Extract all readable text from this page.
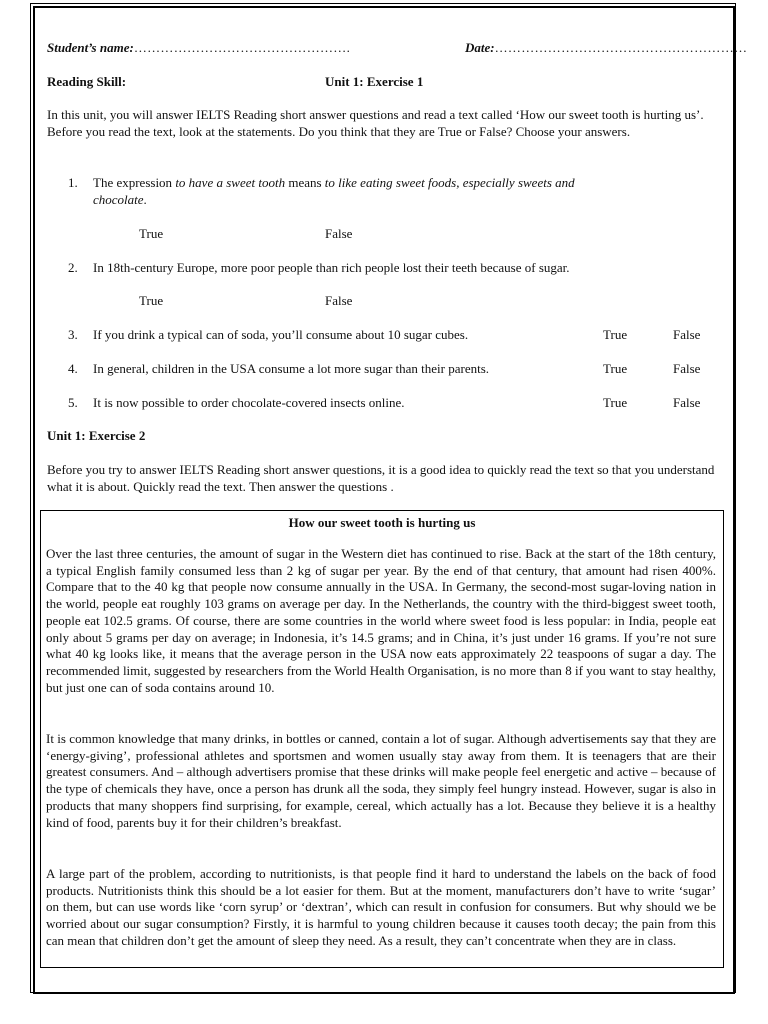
Student’s name:………………………………………….	Date:…………………………………………………
Reading Skill:	Unit 1: Exercise 1
In this unit, you will answer IELTS Reading short answer questions and read a text called ‘How our sweet tooth is hurting us’. Before you read the text, look at the statements. Do you think that they are True or False? Choose your answers.
1. The expression to have a sweet tooth means to like eating sweet foods, especially sweets and
chocolate.
True	False
2. In 18th-century Europe, more poor people than rich people lost their teeth because of sugar.
True	False
3. If you drink a typical can of soda, you’ll consume about 10 sugar cubes.	True	False
4. In general, children in the USA consume a lot more sugar than their parents.	True	False
5. It is now possible to order chocolate-covered insects online.	True	False
Unit 1: Exercise 2
Before you try to answer IELTS Reading short answer questions, it is a good idea to quickly read the text so that you understand what it is about. Quickly read the text. Then answer the questions .
How our sweet tooth is hurting us
Over the last three centuries, the amount of sugar in the Western diet has continued to rise. Back at the start of the 18th century, a typical English family consumed less than 2 kg of sugar per year. By the end of that century, that amount had risen 400%. Compare that to the 40 kg that people now consume annually in the USA. In Germany, the second-most sugar-loving nation in the world, people eat roughly 103 grams on average per day. In the Netherlands, the country with the third-biggest sweet tooth, people eat 102.5 grams. Of course, there are some countries in the world where sweet food is less popular: in India, people eat only about 5 grams per day on average; in Indonesia, it’s 14.5 grams; and in China, it’s just under 16 grams. If you’re not sure what 40 kg looks like, it means that the average person in the USA now eats approximately 22 teaspoons of sugar a day. The recommended limit, suggested by researchers from the World Health Organisation, is no more than 8 if you want to stay healthy, but just one can of soda contains around 10.
It is common knowledge that many drinks, in bottles or canned, contain a lot of sugar. Although advertisements say that they are ‘energy-giving’, professional athletes and sportsmen and women usually stay away from them. It is teenagers that are their greatest consumers. And – although advertisers promise that these drinks will make people feel energetic and active – because of the type of chemicals they have, once a person has drunk all the soda, they simply feel hungry instead. However, sugar is also in products that many shoppers find surprising, for example, cereal, which actually has a lot. Because they believe it is a healthy kind of food, parents buy it for their children’s breakfast.
A large part of the problem, according to nutritionists, is that people find it hard to understand the labels on the back of food products. Nutritionists think this should be a lot easier for them. But at the moment, manufacturers don’t have to write ‘sugar’ on them, but can use words like ‘corn syrup’ or ‘dextran’, which can result in confusion for consumers. But why should we be worried about our sugar consumption? Firstly, it is harmful to young children because it causes tooth decay; the pain from this can mean that children don’t get the amount of sleep they need. As a result, they can’t concentrate when they are in class.
